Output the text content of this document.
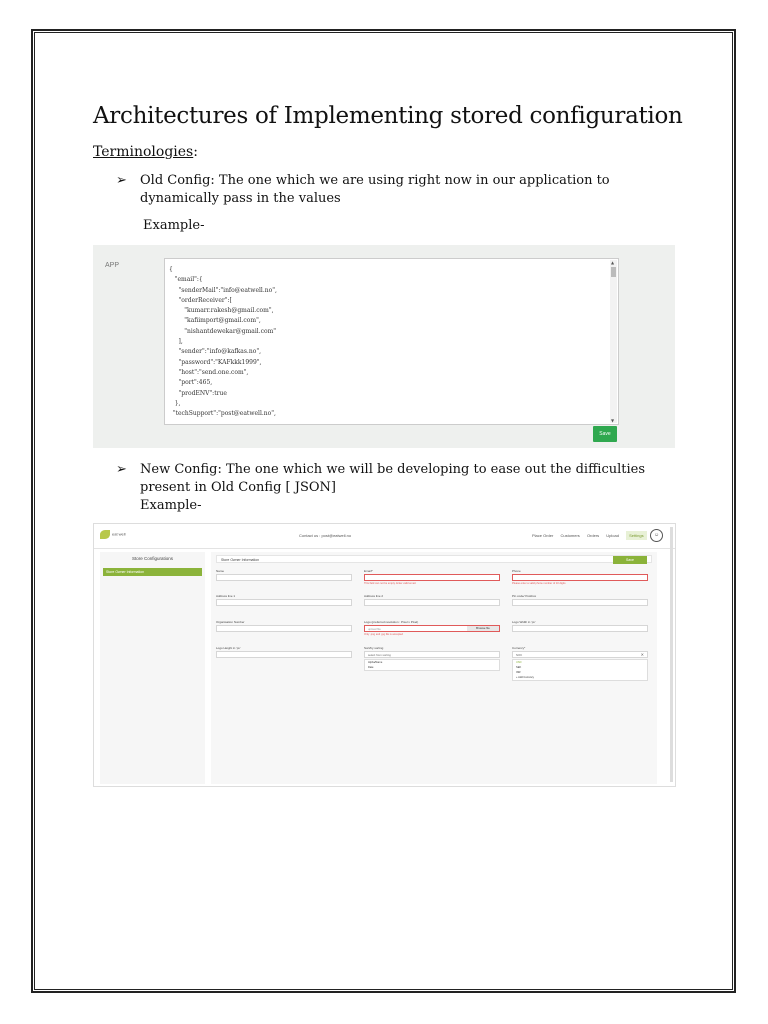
Architectures of Implementing stored configuration
Terminologies:
➢ Old Config: The one which we are using right now in our application to dynamically pass in the values
Example-
APP
{
"email":{
"senderMail":"info@eatwell.no",
"orderReceiver":[
"kumarr.rakesh@gmail.com",
"kafiimport@gmail.com",
"nishantdewekar@gmail.com"
],
"sender":"info@kafkas.no",
"password":"KAFkkk1999",
"host":"send.one.com",
"port":465,
"prodENV":true
},
"techSupport":"post@eatwell.no",
▲
▼
Save
➢ New Config: The one which we will be developing to ease out the difficulties present in Old Config [ JSON]
Example-
eat well	Contact us : post@eatwell.no	Place Order Customers Orders Upload	Settings	☺
Store Configurations
Store Owner Information
Store Owner Information	Save
Name	Email*
This field can not be empty. Enter valid email.
Phone
Please enter a valid phone number of 10 digits
Address line 1	Address line 2	Pin code/ Postbox
Organisation Number	Logo (preferred resolution : Pixel x Pixel)
upload file	Browse file
Only .png and .jpg file is accepted
Logo Width in 'px'
Logo Height in 'px'	Sort/by sorting
select from sorting
Alpha/Name
Date
Currency*
NOK	✕
USD
SEK
INR
+ Add Currency
